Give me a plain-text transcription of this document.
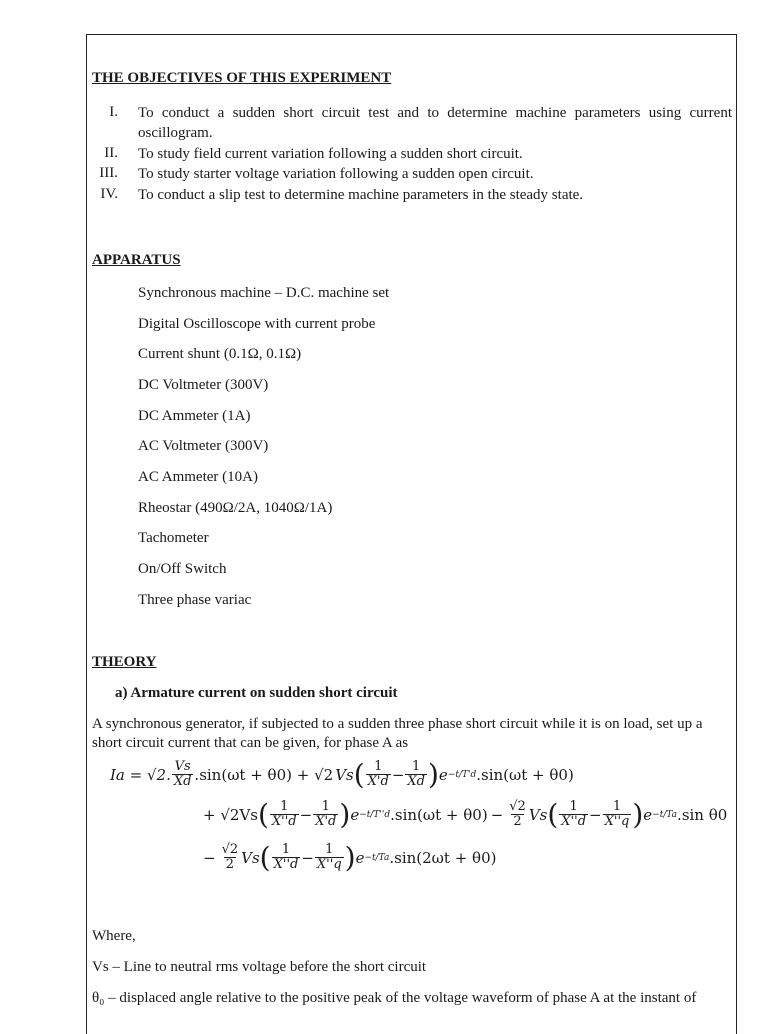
THE OBJECTIVES OF THIS EXPERIMENT
I. To conduct a sudden short circuit test and to determine machine parameters using current oscillogram.
II. To study field current variation following a sudden short circuit.
III. To study starter voltage variation following a sudden open circuit.
IV. To conduct a slip test to determine machine parameters in the steady state.
APPARATUS
Synchronous machine – D.C. machine set
Digital Oscilloscope with current probe
Current shunt (0.1Ω, 0.1Ω)
DC Voltmeter (300V)
DC Ammeter (1A)
AC Voltmeter (300V)
AC Ammeter (10A)
Rheostar (490Ω/2A, 1040Ω/1A)
Tachometer
On/Off Switch
Three phase variac
THEORY
a) Armature current on sudden short circuit
A synchronous generator, if subjected to a sudden three phase short circuit while it is on load, set up a short circuit current that can be given, for phase A as
Ia = √2. $\frac{Vs}{Xd} .\sin(\omega t + \theta 0) + √2$ Vs ( $\frac{1}{X'd} - \frac{1}{Xd}$ ) e −t/T'd .sin(ωt + θ0)
+ √2Vs ( $\frac{1}{X''d} - \frac{1}{X'd}$ ) e −t/T''d $.\sin(\omega t + \theta 0) - \frac{√2}{2}$ Vs ( $\frac{1}{X''d} - \frac{1}{X''q}$ ) e −t/Ta .sin θ0
− $\frac{√2}{2}$ Vs ( $\frac{1}{X''d} - \frac{1}{X''q}$ ) e −t/Ta .sin(2ωt + θ0)
Where,
Vs – Line to neutral rms voltage before the short circuit
θ₀ – displaced angle relative to the positive peak of the voltage waveform of phase A at the instant of
